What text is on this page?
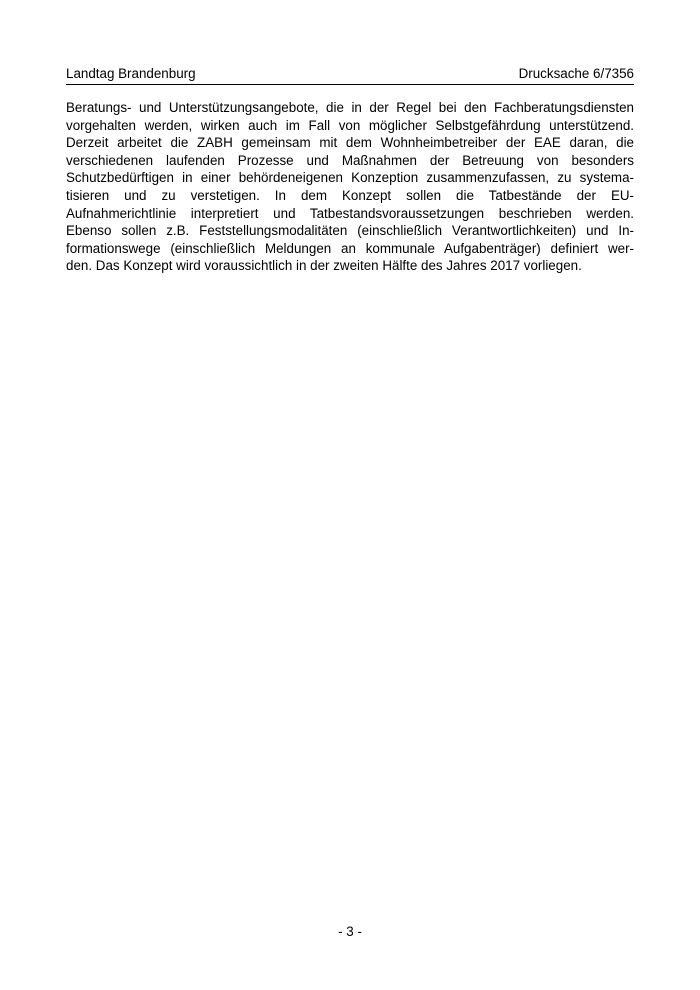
Landtag Brandenburg	Drucksache 6/7356
Beratungs- und Unterstützungsangebote, die in der Regel bei den Fachberatungsdiensten
vorgehalten werden, wirken auch im Fall von möglicher Selbstgefährdung unterstützend.
Derzeit arbeitet die ZABH gemeinsam mit dem Wohnheimbetreiber der EAE daran, die
verschiedenen laufenden Prozesse und Maßnahmen der Betreuung von besonders
Schutzbedürftigen in einer behördeneigenen Konzeption zusammenzufassen, zu systema-
tisieren und zu verstetigen. In dem Konzept sollen die Tatbestände der EU-
Aufnahmerichtlinie interpretiert und Tatbestandsvoraussetzungen beschrieben werden.
Ebenso sollen z.B. Feststellungsmodalitäten (einschließlich Verantwortlichkeiten) und In-
formationswege (einschließlich Meldungen an kommunale Aufgabenträger) definiert wer-
den. Das Konzept wird voraussichtlich in der zweiten Hälfte des Jahres 2017 vorliegen.
- 3 -
